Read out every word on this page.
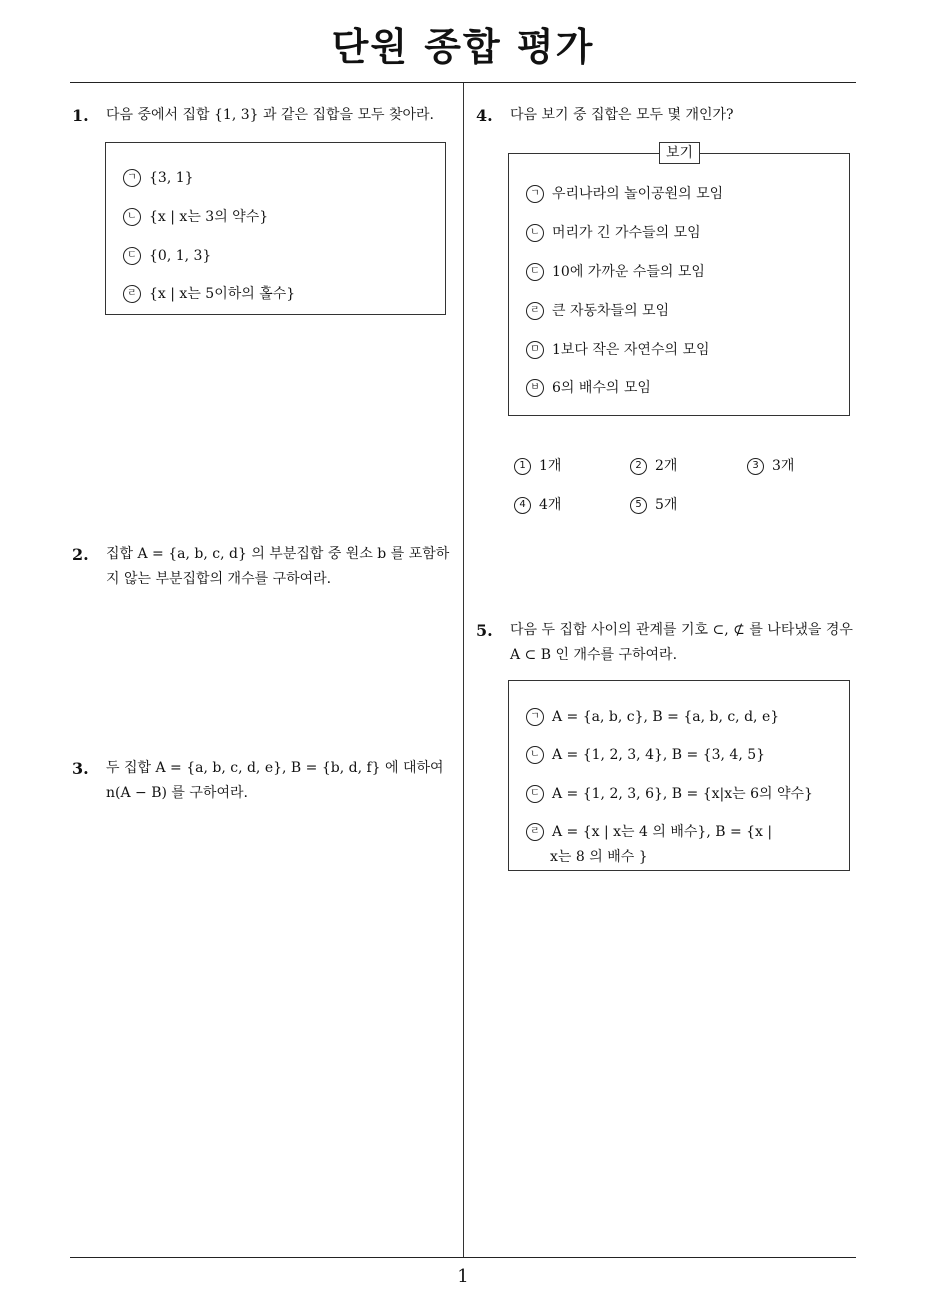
단원 종합 평가
1
1. 다음 중에서 집합 {1, 3} 과 같은 집합을 모두 찾아라.
ㄱ {3, 1}
ㄴ {x | x는 3의 약수}
ㄷ {0, 1, 3}
ㄹ {x | x는 5이하의 홀수}
2. 집합 A = {a, b, c, d} 의 부분집합 중 원소 b 를 포함하지 않는 부분집합의 개수를 구하여라.
3. 두 집합 A = {a, b, c, d, e}, B = {b, d, f} 에 대하여 n(A − B) 를 구하여라.
4. 다음 보기 중 집합은 모두 몇 개인가?
보기
ㄱ 우리나라의 놀이공원의 모임
ㄴ 머리가 긴 가수들의 모임
ㄷ 10에 가까운 수들의 모임
ㄹ 큰 자동차들의 모임
ㅁ 1보다 작은 자연수의 모임
ㅂ 6의 배수의 모임
1 1개	2 2개	3 3개
4 4개	5 5개
5. 다음 두 집합 사이의 관계를 기호 ⊂, ⊄ 를 나타냈을 경우 A ⊂ B 인 개수를 구하여라.
ㄱ A = {a, b, c}, B = {a, b, c, d, e}
ㄴ A = {1, 2, 3, 4}, B = {3, 4, 5}
ㄷ A = {1, 2, 3, 6}, B = {x|x는 6의 약수}
ㄹ A = {x | x는 4 의 배수}, B = {x |
x는 8 의 배수 }
